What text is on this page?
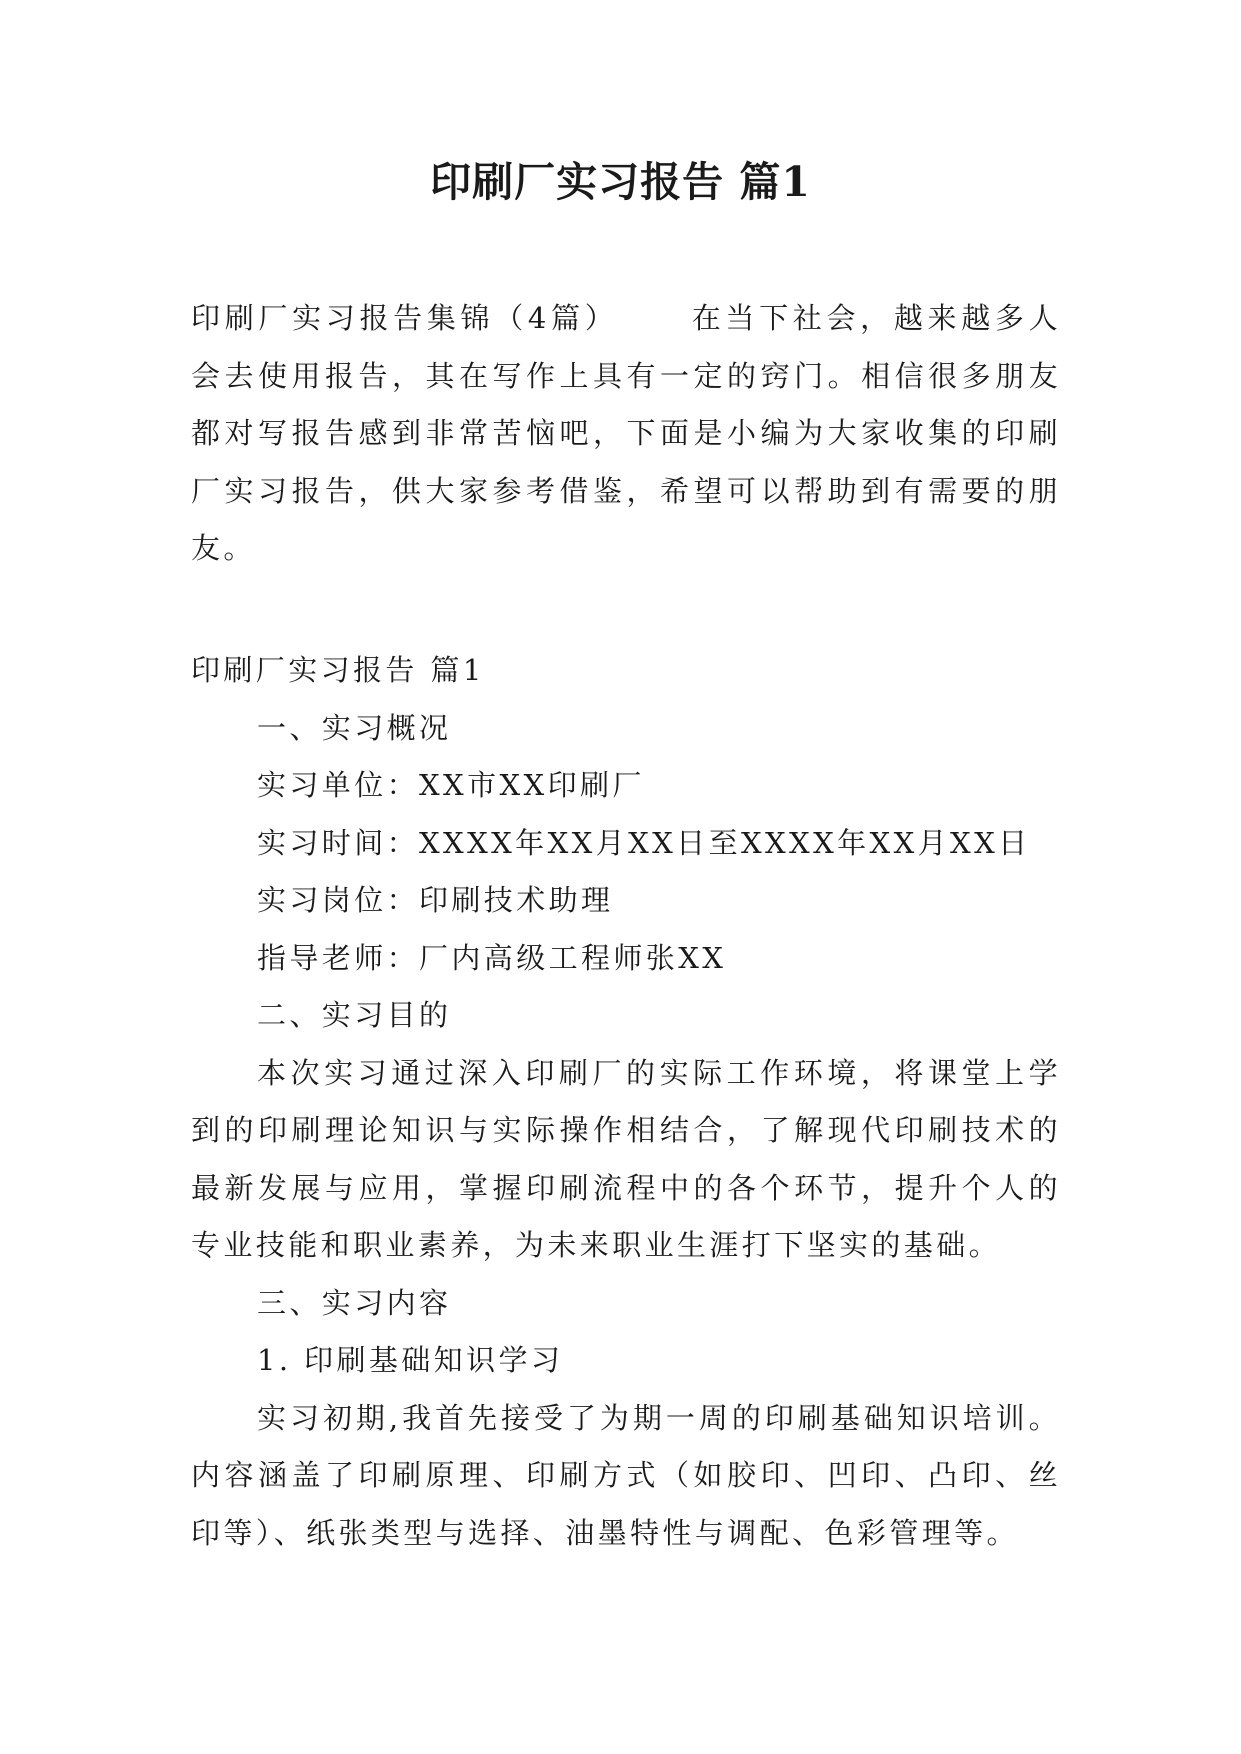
印刷厂实习报告 篇1
印刷厂实习报告集锦（4篇） 在当下社会，越来越多人会去使用报告，其在写作上具有一定的窍门。相信很多朋友都对写报告感到非常苦恼吧，下面是小编为大家收集的印刷厂实习报告，供大家参考借鉴，希望可以帮助到有需要的朋友。
印刷厂实习报告 篇1
一、实习概况
实习单位：XX市XX印刷厂
实习时间：XXXX年XX月XX日至XXXX年XX月XX日
实习岗位：印刷技术助理
指导老师：厂内高级工程师张XX
二、实习目的
本次实习通过深入印刷厂的实际工作环境，将课堂上学到的印刷理论知识与实际操作相结合，了解现代印刷技术的最新发展与应用，掌握印刷流程中的各个环节，提升个人的专业技能和职业素养，为未来职业生涯打下坚实的基础。
三、实习内容
1. 印刷基础知识学习
实习初期,我首先接受了为期一周的印刷基础知识培训。内容涵盖了印刷原理、印刷方式（如胶印、凹印、凸印、丝印等）、纸张类型与选择、油墨特性与调配、色彩管理等。
